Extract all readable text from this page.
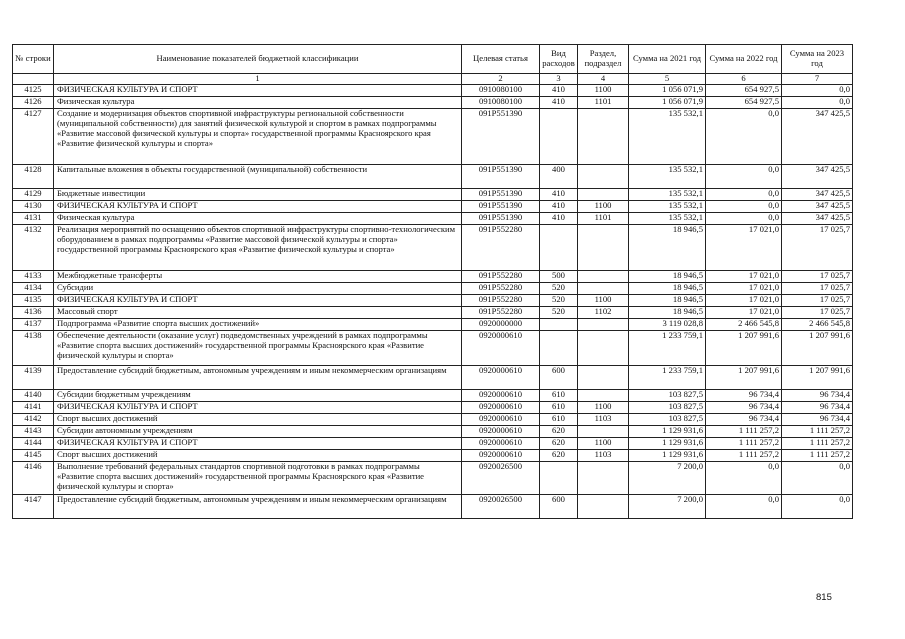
№ строки	Наименование показателей бюджетной классификации	Целевая статья	Вид расходов	Раздел, подраздел	Сумма на 2021 год	Сумма на 2022 год	Сумма на 2023 год
	1	2	3	4	5	6	7
4125	ФИЗИЧЕСКАЯ КУЛЬТУРА И СПОРТ	0910080100	410	1100	1 056 071,9	654 927,5	0,0
4126	Физическая культура	0910080100	410	1101	1 056 071,9	654 927,5	0,0
4127	Создание и модернизация объектов спортивной инфраструктуры региональной собственности (муниципальной собственности) для занятий физической культурой и спортом в рамках подпрограммы «Развитие массовой физической культуры и спорта» государственной программы Красноярского края «Развитие физической культуры и спорта»	091P551390			135 532,1	0,0	347 425,5
4128	Капитальные вложения в объекты государственной (муниципальной) собственности	091P551390	400		135 532,1	0,0	347 425,5
4129	Бюджетные инвестиции	091P551390	410		135 532,1	0,0	347 425,5
4130	ФИЗИЧЕСКАЯ КУЛЬТУРА И СПОРТ	091P551390	410	1100	135 532,1	0,0	347 425,5
4131	Физическая культура	091P551390	410	1101	135 532,1	0,0	347 425,5
4132	Реализация мероприятий по оснащению объектов спортивной инфраструктуры спортивно-технологическим оборудованием в рамках подпрограммы «Развитие массовой физической культуры и спорта» государственной программы Красноярского края «Развитие физической культуры и спорта»	091P552280			18 946,5	17 021,0	17 025,7
4133	Межбюджетные трансферты	091P552280	500		18 946,5	17 021,0	17 025,7
4134	Субсидии	091P552280	520		18 946,5	17 021,0	17 025,7
4135	ФИЗИЧЕСКАЯ КУЛЬТУРА И СПОРТ	091P552280	520	1100	18 946,5	17 021,0	17 025,7
4136	Массовый спорт	091P552280	520	1102	18 946,5	17 021,0	17 025,7
4137	Подпрограмма «Развитие спорта высших достижений»	0920000000			3 119 028,8	2 466 545,8	2 466 545,8
4138	Обеспечение деятельности (оказание услуг) подведомственных учреждений в рамках подпрограммы «Развитие спорта высших достижений» государственной программы Красноярского края «Развитие физической культуры и спорта»	0920000610			1 233 759,1	1 207 991,6	1 207 991,6
4139	Предоставление субсидий бюджетным, автономным учреждениям и иным некоммерческим организациям	0920000610	600		1 233 759,1	1 207 991,6	1 207 991,6
4140	Субсидии бюджетным учреждениям	0920000610	610		103 827,5	96 734,4	96 734,4
4141	ФИЗИЧЕСКАЯ КУЛЬТУРА И СПОРТ	0920000610	610	1100	103 827,5	96 734,4	96 734,4
4142	Спорт высших достижений	0920000610	610	1103	103 827,5	96 734,4	96 734,4
4143	Субсидии автономным учреждениям	0920000610	620		1 129 931,6	1 111 257,2	1 111 257,2
4144	ФИЗИЧЕСКАЯ КУЛЬТУРА И СПОРТ	0920000610	620	1100	1 129 931,6	1 111 257,2	1 111 257,2
4145	Спорт высших достижений	0920000610	620	1103	1 129 931,6	1 111 257,2	1 111 257,2
4146	Выполнение требований федеральных стандартов спортивной подготовки в рамках подпрограммы «Развитие спорта высших достижений» государственной программы Красноярского края «Развитие физической культуры и спорта»	0920026500			7 200,0	0,0	0,0
4147	Предоставление субсидий бюджетным, автономным учреждениям и иным некоммерческим организациям	0920026500	600		7 200,0	0,0	0,0
815
